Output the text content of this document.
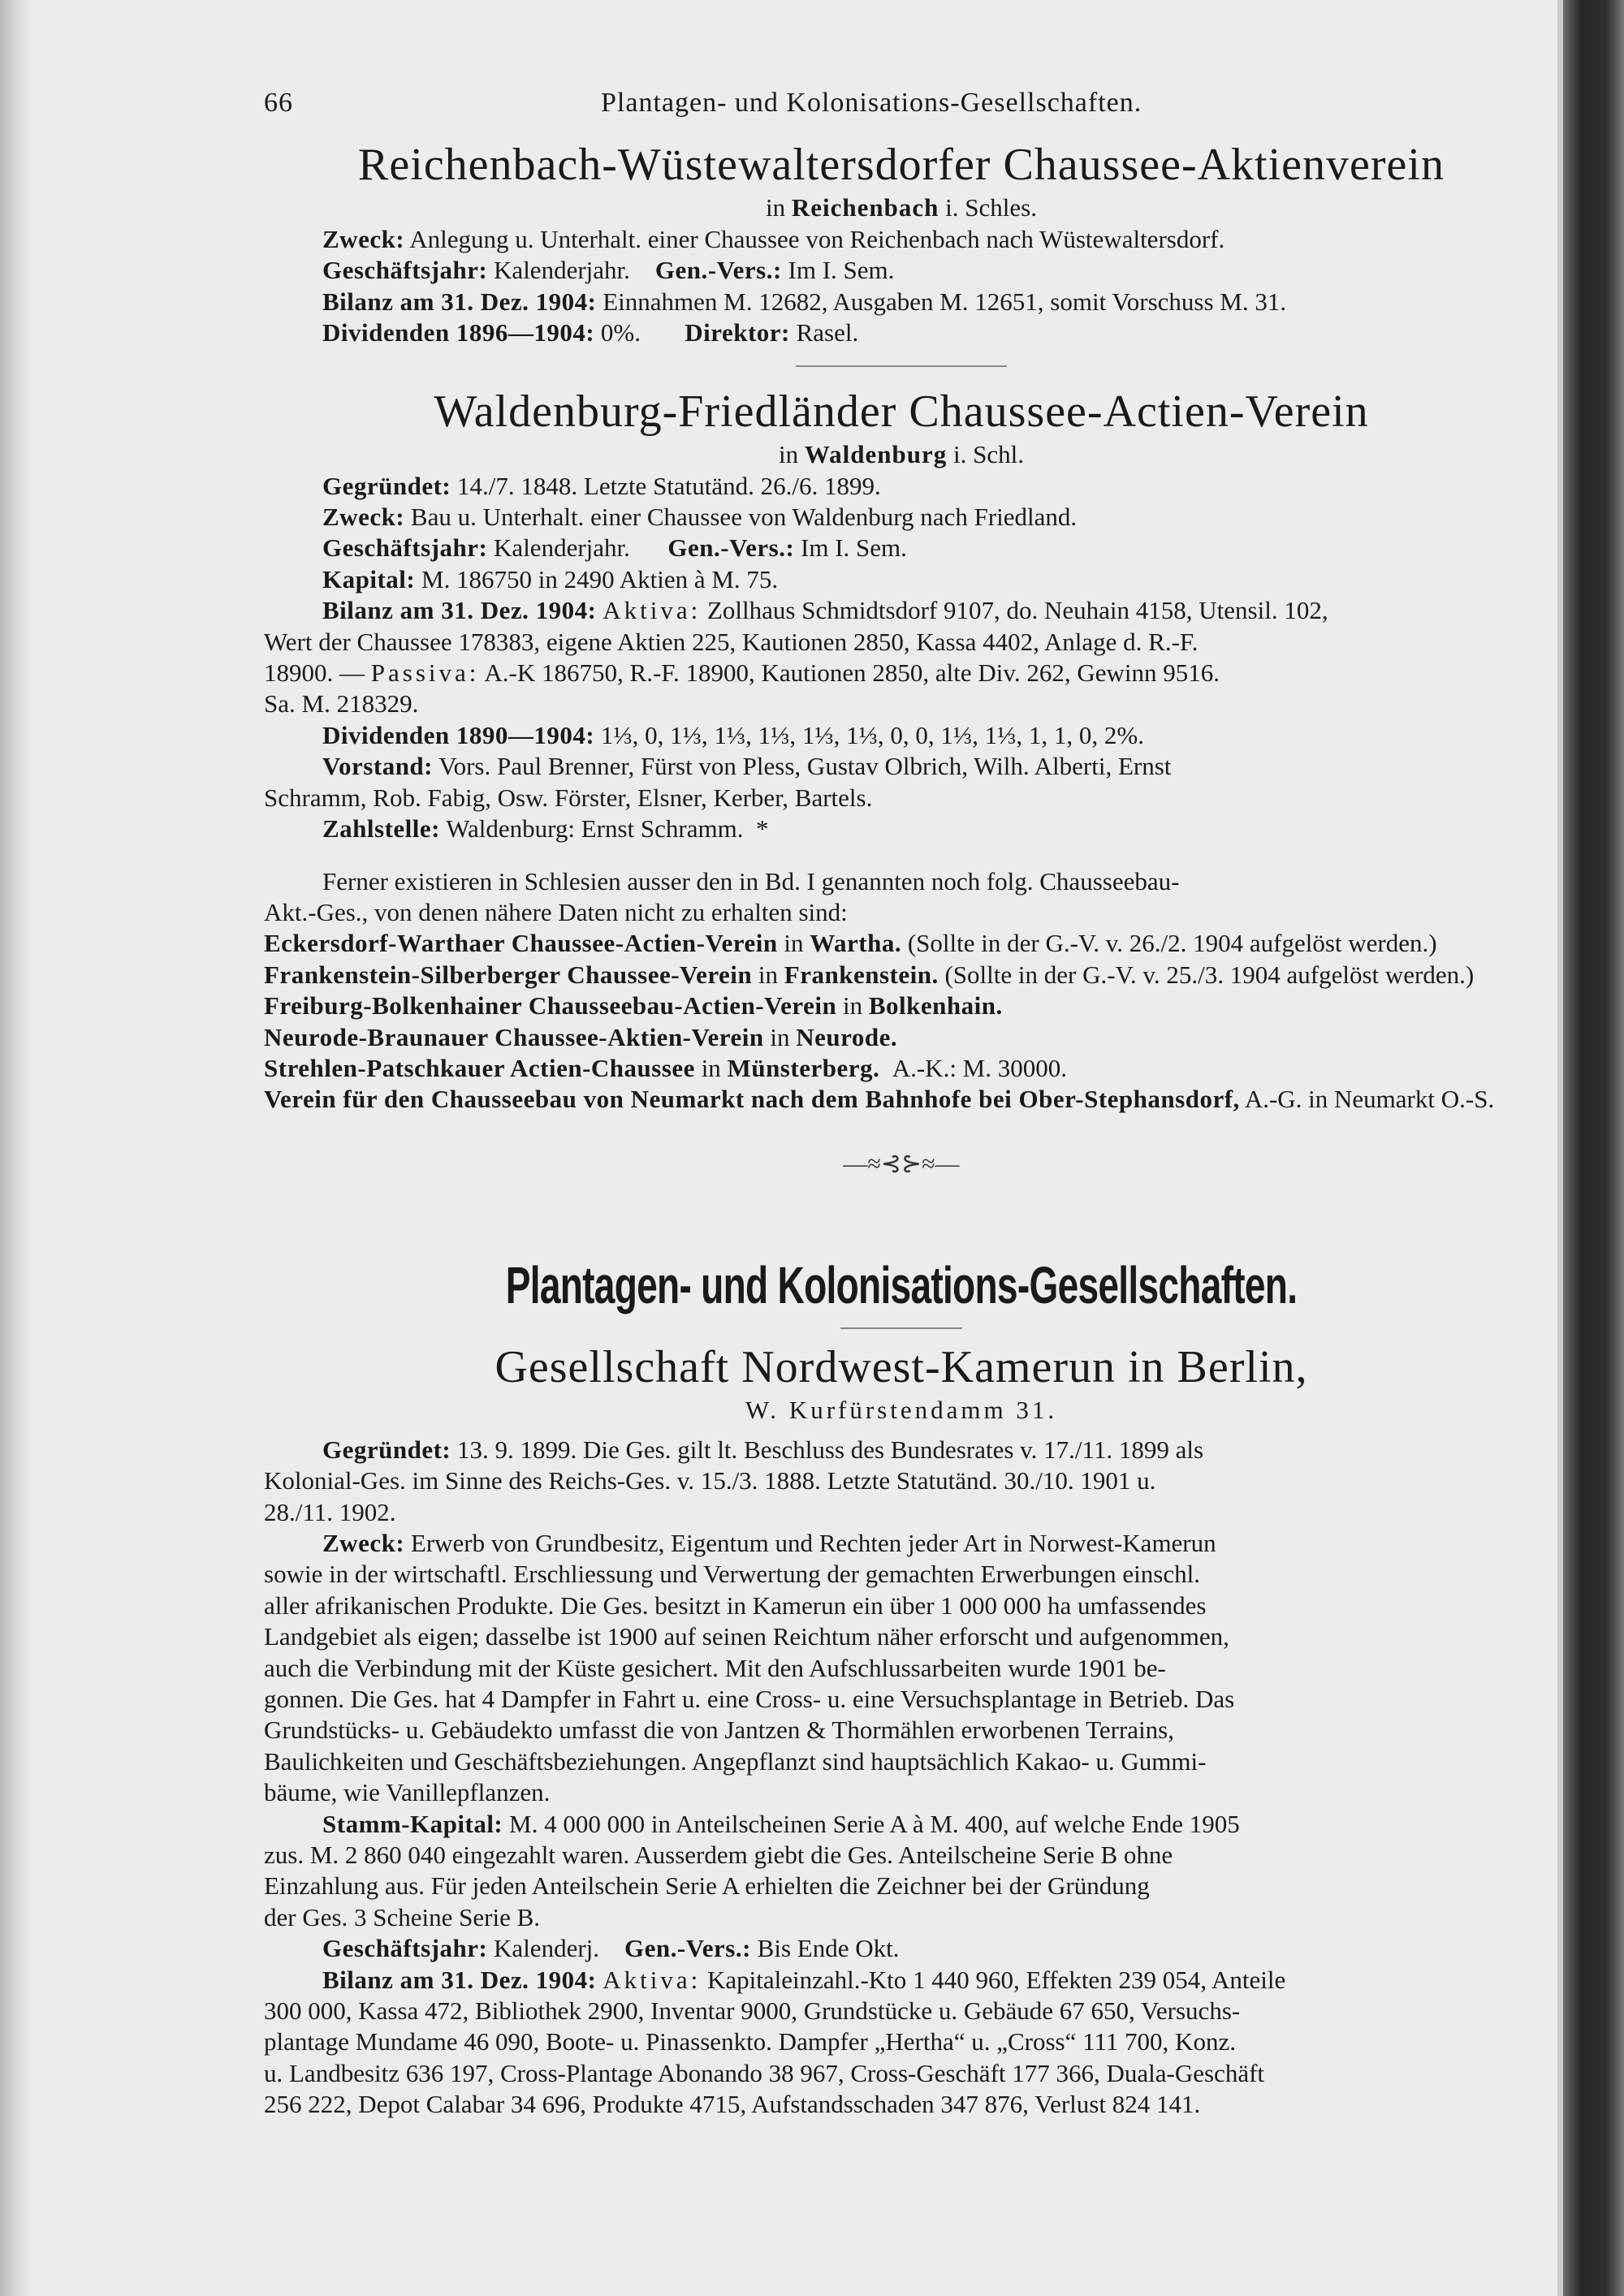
66	Plantagen- und Kolonisations-Gesellschaften.
Reichenbach-Wüstewaltersdorfer Chaussee-Aktienverein
in Reichenbach i. Schles.

Zweck: Anlegung u. Unterhalt. einer Chaussee von Reichenbach nach Wüstewaltersdorf.

Geschäftsjahr: Kalenderjahr. Gen.-Vers.: Im I. Sem.

Bilanz am 31. Dez. 1904: Einnahmen M. 12682, Ausgaben M. 12651, somit Vorschuss M. 31.

Dividenden 1896—1904: 0%. Direktor: Rasel.

Waldenburg-Friedländer Chaussee-Actien-Verein
in Waldenburg i. Schl.

Gegründet: 14./7. 1848. Letzte Statutänd. 26./6. 1899.

Zweck: Bau u. Unterhalt. einer Chaussee von Waldenburg nach Friedland.

Geschäftsjahr: Kalenderjahr. Gen.-Vers.: Im I. Sem.

Kapital: M. 186750 in 2490 Aktien à M. 75.

Bilanz am 31. Dez. 1904: Aktiva: Zollhaus Schmidtsdorf 9107, do. Neuhain 4158, Utensil. 102,

Wert der Chaussee 178383, eigene Aktien 225, Kautionen 2850, Kassa 4402, Anlage d. R.-F.

18900. — Passiva: A.-K 186750, R.-F. 18900, Kautionen 2850, alte Div. 262, Gewinn 9516.

Sa. M. 218329.

Dividenden 1890—1904: 1⅓, 0, 1⅓, 1⅓, 1⅓, 1⅓, 1⅓, 0, 0, 1⅓, 1⅓, 1, 1, 0, 2%.

Vorstand: Vors. Paul Brenner, Fürst von Pless, Gustav Olbrich, Wilh. Alberti, Ernst

Schramm, Rob. Fabig, Osw. Förster, Elsner, Kerber, Bartels.

Zahlstelle: Waldenburg: Ernst Schramm. *

Ferner existieren in Schlesien ausser den in Bd. I genannten noch folg. Chausseebau-

Akt.-Ges., von denen nähere Daten nicht zu erhalten sind:

Eckersdorf-Warthaer Chaussee-Actien-Verein in Wartha. (Sollte in der G.-V. v. 26./2. 1904 aufgelöst werden.)

Frankenstein-Silberberger Chaussee-Verein in Frankenstein. (Sollte in der G.-V. v. 25./3. 1904 aufgelöst werden.)

Freiburg-Bolkenhainer Chausseebau-Actien-Verein in Bolkenhain.

Neurode-Braunauer Chaussee-Aktien-Verein in Neurode.

Strehlen-Patschkauer Actien-Chaussee in Münsterberg. A.-K.: M. 30000.

Verein für den Chausseebau von Neumarkt nach dem Bahnhofe bei Ober-Stephansdorf, A.-G. in Neumarkt O.-S.

—≈⊰⊱≈—
Plantagen- und Kolonisations-Gesellschaften.
Gesellschaft Nordwest-Kamerun in Berlin,
W. Kurfürstendamm 31.

Gegründet: 13. 9. 1899. Die Ges. gilt lt. Beschluss des Bundesrates v. 17./11. 1899 als

Kolonial-Ges. im Sinne des Reichs-Ges. v. 15./3. 1888. Letzte Statutänd. 30./10. 1901 u.

28./11. 1902.

Zweck: Erwerb von Grundbesitz, Eigentum und Rechten jeder Art in Norwest-Kamerun

sowie in der wirtschaftl. Erschliessung und Verwertung der gemachten Erwerbungen einschl.

aller afrikanischen Produkte. Die Ges. besitzt in Kamerun ein über 1 000 000 ha umfassendes

Landgebiet als eigen; dasselbe ist 1900 auf seinen Reichtum näher erforscht und aufgenommen,

auch die Verbindung mit der Küste gesichert. Mit den Aufschlussarbeiten wurde 1901 be-

gonnen. Die Ges. hat 4 Dampfer in Fahrt u. eine Cross- u. eine Versuchsplantage in Betrieb. Das

Grundstücks- u. Gebäudekto umfasst die von Jantzen & Thormählen erworbenen Terrains,

Baulichkeiten und Geschäftsbeziehungen. Angepflanzt sind hauptsächlich Kakao- u. Gummi-

bäume, wie Vanillepflanzen.

Stamm-Kapital: M. 4 000 000 in Anteilscheinen Serie A à M. 400, auf welche Ende 1905

zus. M. 2 860 040 eingezahlt waren. Ausserdem giebt die Ges. Anteilscheine Serie B ohne

Einzahlung aus. Für jeden Anteilschein Serie A erhielten die Zeichner bei der Gründung

der Ges. 3 Scheine Serie B.

Geschäftsjahr: Kalenderj. Gen.-Vers.: Bis Ende Okt.

Bilanz am 31. Dez. 1904: Aktiva: Kapitaleinzahl.-Kto 1 440 960, Effekten 239 054, Anteile

300 000, Kassa 472, Bibliothek 2900, Inventar 9000, Grundstücke u. Gebäude 67 650, Versuchs-

plantage Mundame 46 090, Boote- u. Pinassenkto. Dampfer „Hertha“ u. „Cross“ 111 700, Konz.

u. Landbesitz 636 197, Cross-Plantage Abonando 38 967, Cross-Geschäft 177 366, Duala-Geschäft

256 222, Depot Calabar 34 696, Produkte 4715, Aufstandsschaden 347 876, Verlust 824 141.
